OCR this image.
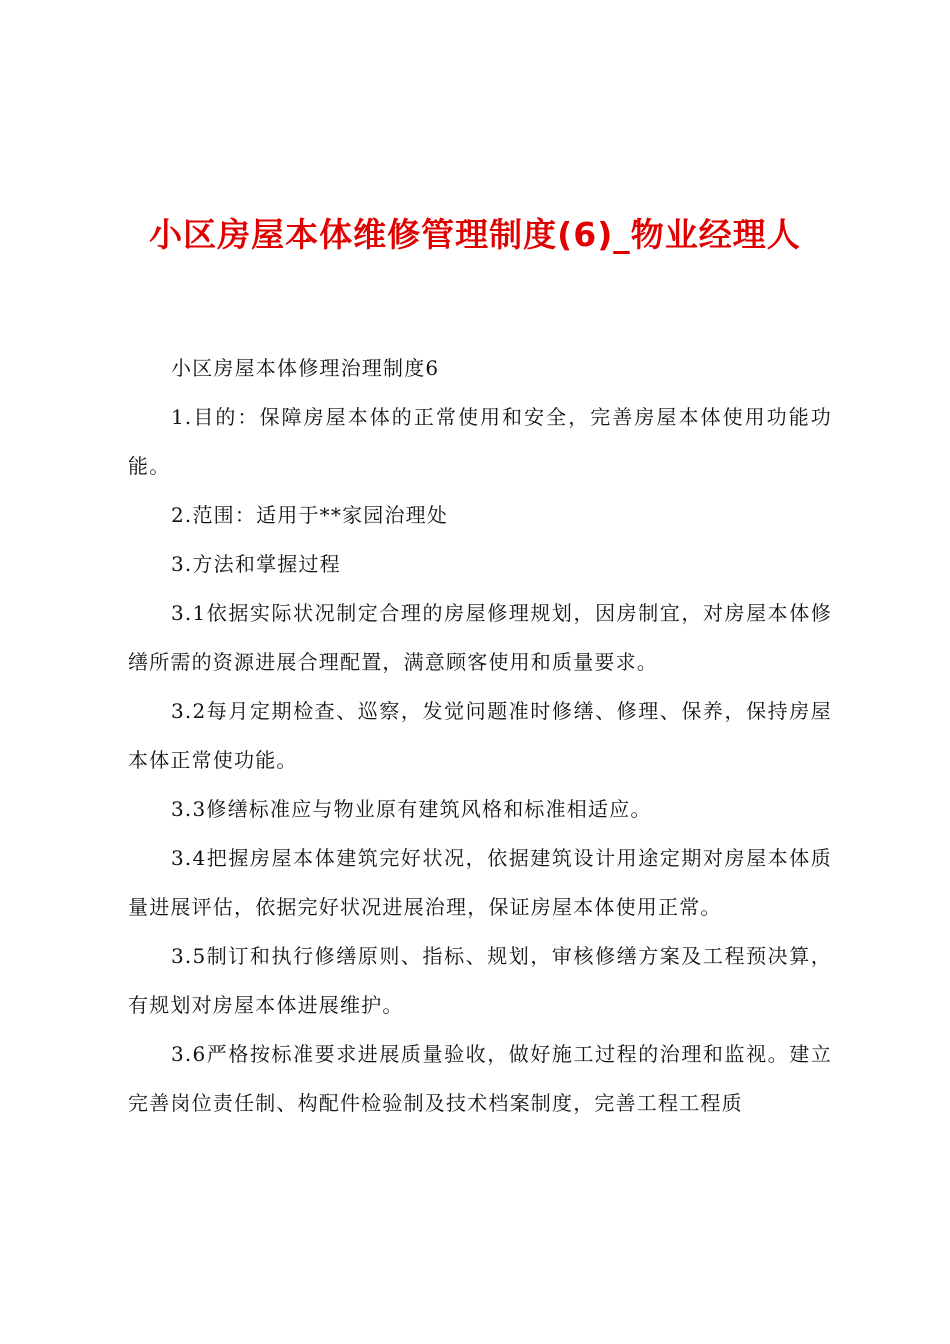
小区房屋本体维修管理制度(6)_物业经理人

小区房屋本体修理治理制度6

1.目的：保障房屋本体的正常使用和安全，完善房屋本体使用功能功能。

2.范围：适用于**家园治理处

3.方法和掌握过程

3.1依据实际状况制定合理的房屋修理规划，因房制宜，对房屋本体修缮所需的资源进展合理配置，满意顾客使用和质量要求。

3.2每月定期检查、巡察，发觉问题准时修缮、修理、保养，保持房屋本体正常使功能。

3.3修缮标准应与物业原有建筑风格和标准相适应。

3.4把握房屋本体建筑完好状况，依据建筑设计用途定期对房屋本体质量进展评估，依据完好状况进展治理，保证房屋本体使用正常。

3.5制订和执行修缮原则、指标、规划，审核修缮方案及工程预决算，有规划对房屋本体进展维护。

3.6严格按标准要求进展质量验收，做好施工过程的治理和监视。建立完善岗位责任制、构配件检验制及技术档案制度，完善工程工程质
